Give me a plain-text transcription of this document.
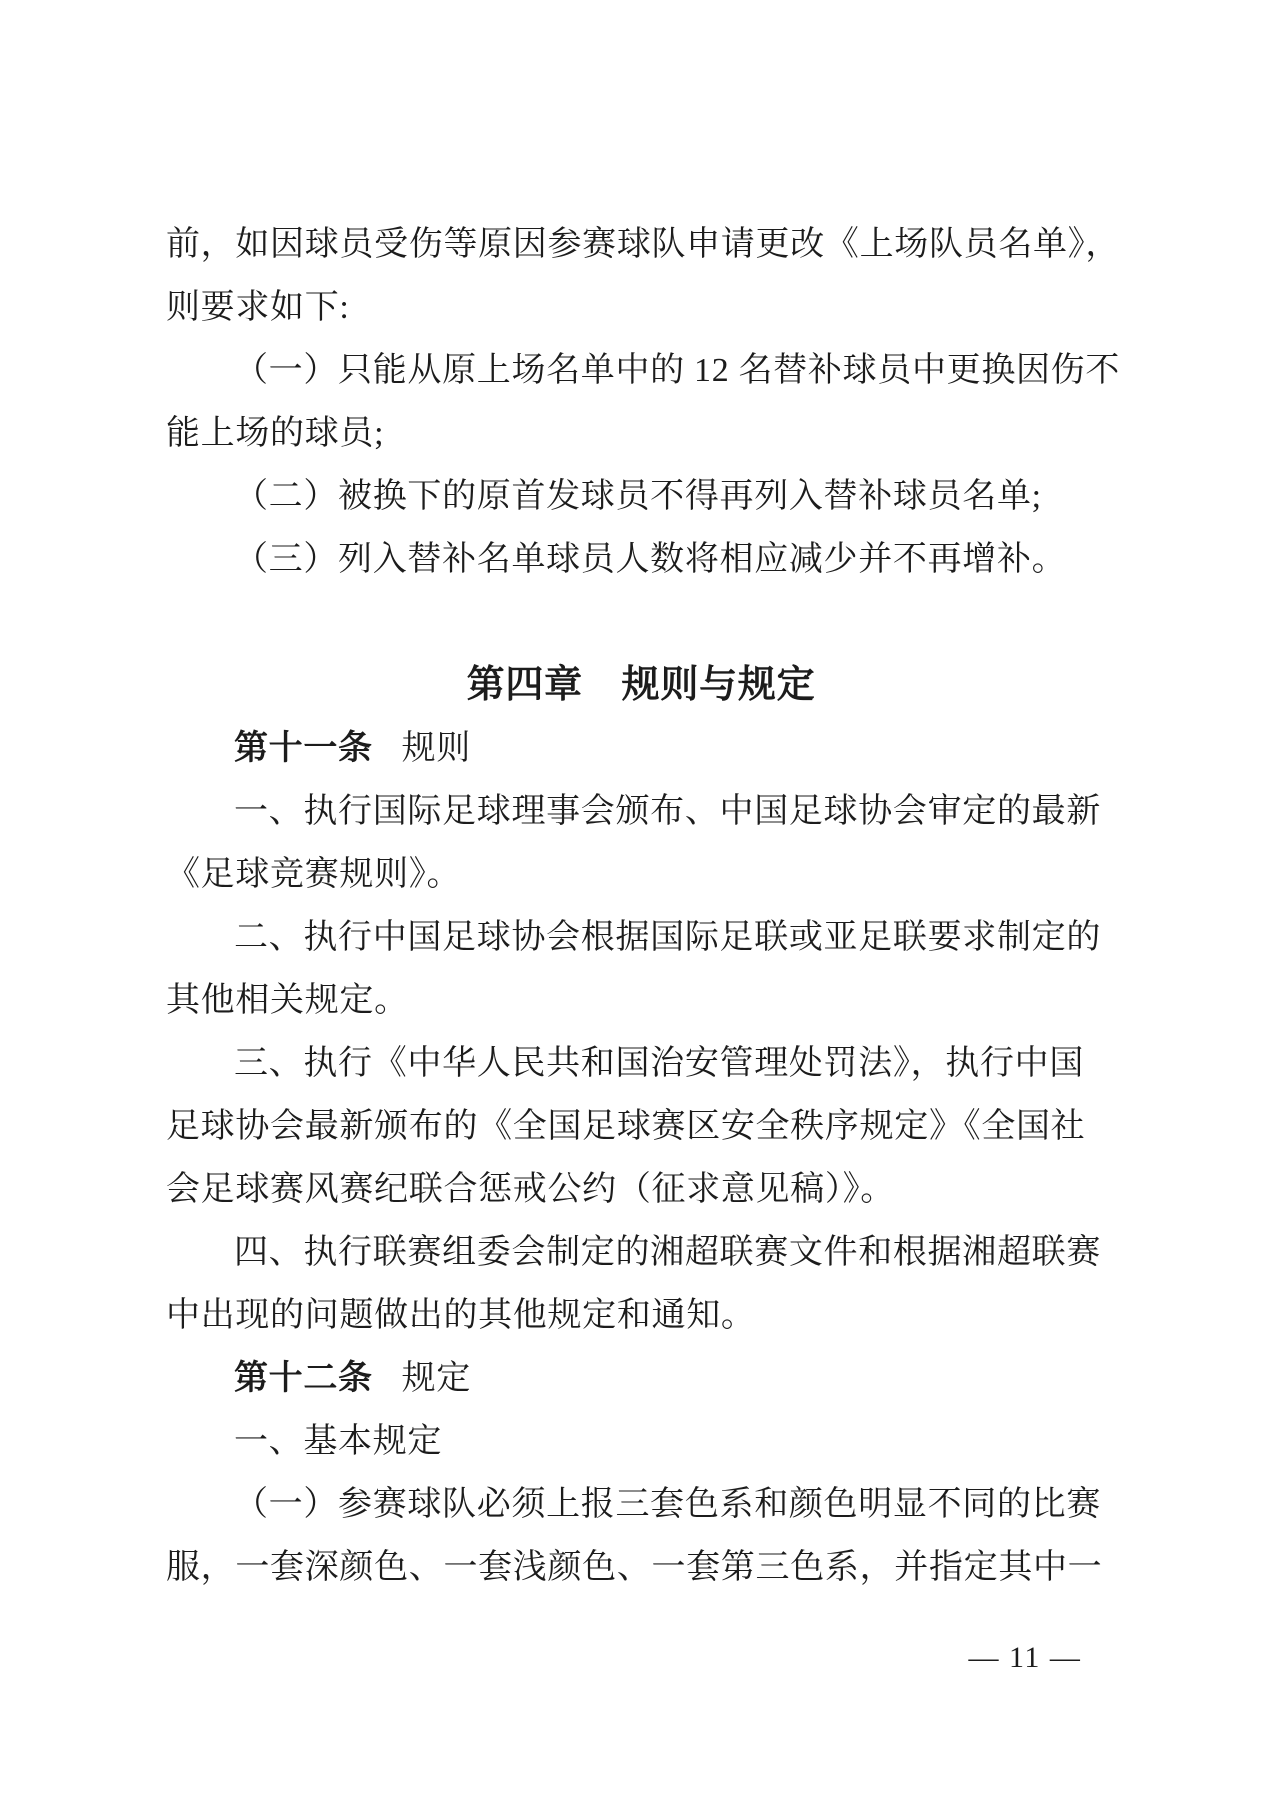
前，如因球员受伤等原因参赛球队申请更改《上场队员名单》，

则要求如下:

（一）只能从原上场名单中的 12 名替补球员中更换因伤不

能上场的球员;

（二）被换下的原首发球员不得再列入替补球员名单;

（三）列入替补名单球员人数将相应减少并不再增补。

第四章　规则与规定

第十一条 规则

一、执行国际足球理事会颁布、中国足球协会审定的最新

《足球竞赛规则》。

二、执行中国足球协会根据国际足联或亚足联要求制定的

其他相关规定。

三、执行《中华人民共和国治安管理处罚法》，执行中国

足球协会最新颁布的《全国足球赛区安全秩序规定》《全国社

会足球赛风赛纪联合惩戒公约（征求意见稿）》。

四、执行联赛组委会制定的湘超联赛文件和根据湘超联赛

中出现的问题做出的其他规定和通知。

第十二条 规定

一、基本规定

（一）参赛球队必须上报三套色系和颜色明显不同的比赛

服，一套深颜色、一套浅颜色、一套第三色系，并指定其中一

— 11 —
